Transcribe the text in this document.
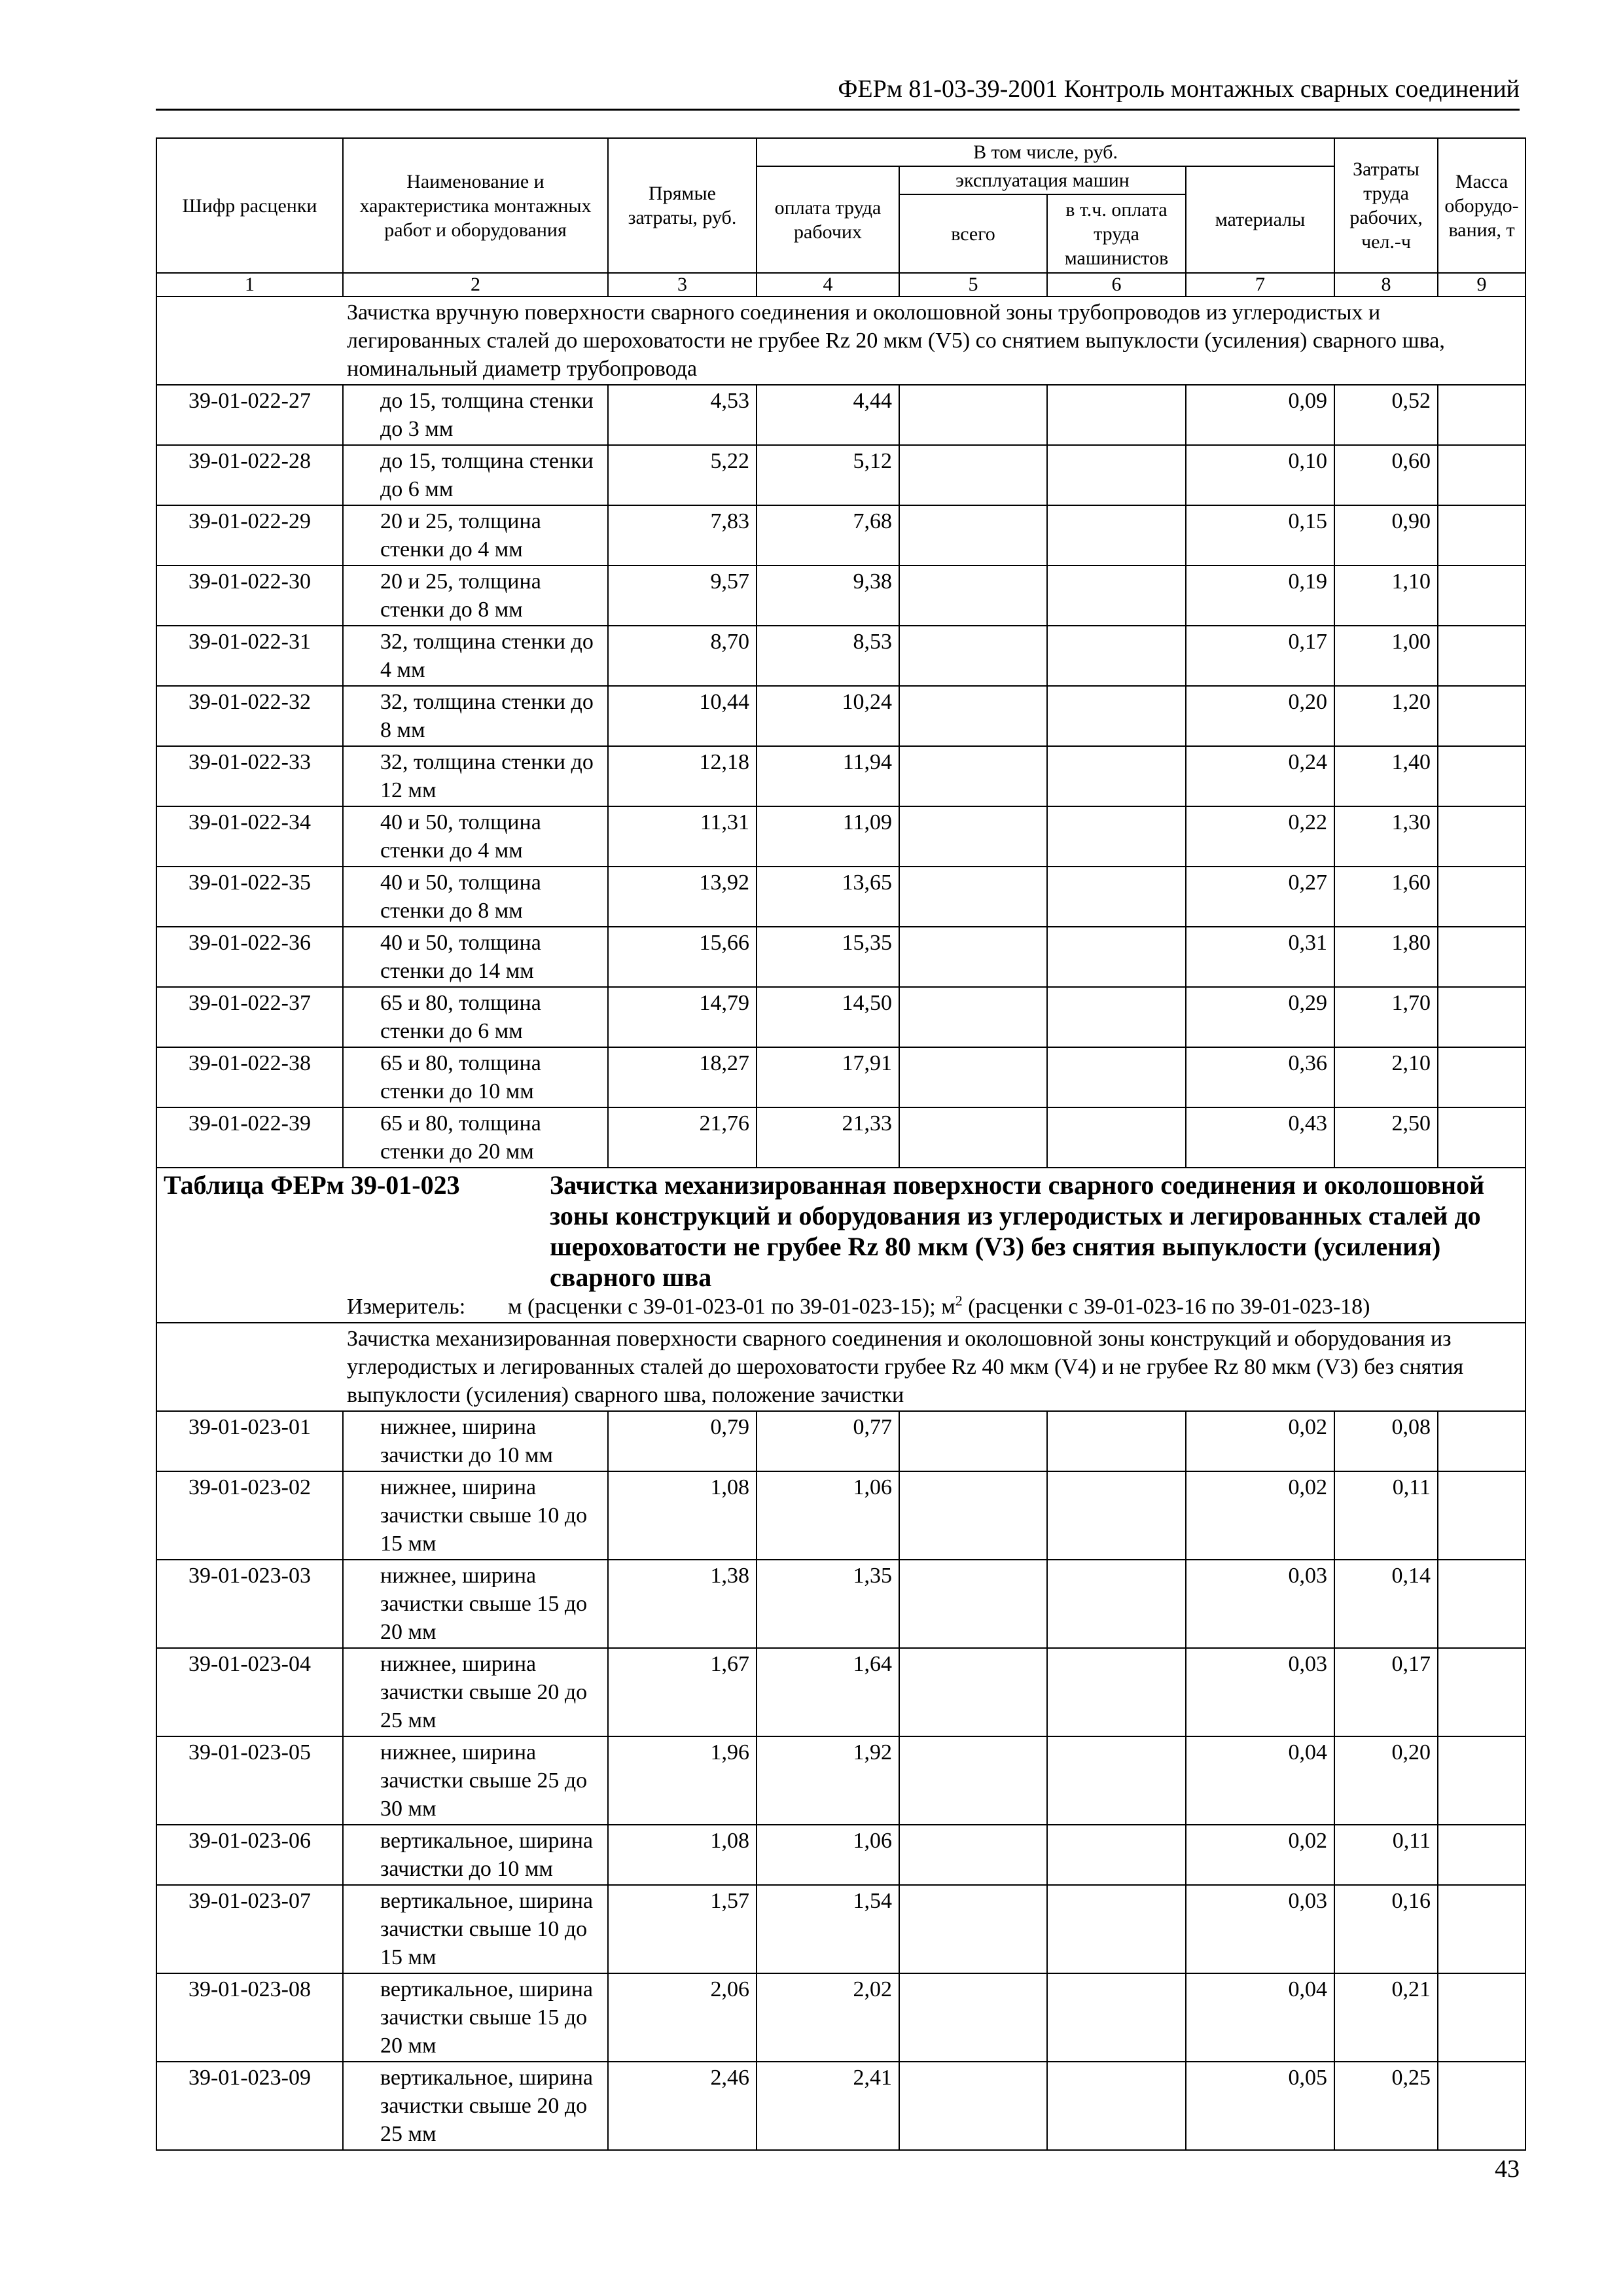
ФЕРм 81-03-39-2001 Контроль монтажных сварных соединений
Шифр расценки	Наименование и характеристика монтажных работ и оборудования	Прямые затраты, руб.	В том числе, руб.				Затраты труда рабочих, чел.-ч	Масса оборудо-вания, т
			оплата труда рабочих	эксплуатация машин		материалы		
				всего	в т.ч. оплата труда машинистов			
1	2	3	4	5	6	7	8	9
Зачистка вручную поверхности сварного соединения и околошовной зоны трубопроводов из углеродистых и легированных сталей до шероховатости не грубее Rz 20 мкм (V5) со снятием выпуклости (усиления) сварного шва, номинальный диаметр трубопровода								
39-01-022-27	до 15, толщина стенки до 3 мм	4,53	4,44			0,09	0,52	
39-01-022-28	до 15, толщина стенки до 6 мм	5,22	5,12			0,10	0,60	
39-01-022-29	20 и 25, толщина стенки до 4 мм	7,83	7,68			0,15	0,90	
39-01-022-30	20 и 25, толщина стенки до 8 мм	9,57	9,38			0,19	1,10	
39-01-022-31	32, толщина стенки до 4 мм	8,70	8,53			0,17	1,00	
39-01-022-32	32, толщина стенки до 8 мм	10,44	10,24			0,20	1,20	
39-01-022-33	32, толщина стенки до 12 мм	12,18	11,94			0,24	1,40	
39-01-022-34	40 и 50, толщина стенки до 4 мм	11,31	11,09			0,22	1,30	
39-01-022-35	40 и 50, толщина стенки до 8 мм	13,92	13,65			0,27	1,60	
39-01-022-36	40 и 50, толщина стенки до 14 мм	15,66	15,35			0,31	1,80	
39-01-022-37	65 и 80, толщина стенки до 6 мм	14,79	14,50			0,29	1,70	
39-01-022-38	65 и 80, толщина стенки до 10 мм	18,27	17,91			0,36	2,10	
39-01-022-39	65 и 80, толщина стенки до 20 мм	21,76	21,33			0,43	2,50	

Таблица ФЕРм 39-01-023 Зачистка механизированная поверхности сварного соединения и околошовной зоны конструкций и оборудования из углеродистых и легированных сталей до шероховатости не грубее Rz 80 мкм (V3) без снятия выпуклости (усиления) сварного шва								

Измеритель: м (расценки с 39-01-023-01 по 39-01-023-15); $м^2$ (расценки с 39-01-023-16 по 39-01-023-18)								

Зачистка механизированная поверхности сварного соединения и околошовной зоны конструкций и оборудования из углеродистых и легированных сталей до шероховатости грубее Rz 40 мкм (V4) и не грубее Rz 80 мкм (V3) без снятия выпуклости (усиления) сварного шва, положение зачистки								
39-01-023-01	нижнее, ширина зачистки до 10 мм	0,79	0,77			0,02	0,08	
39-01-023-02	нижнее, ширина зачистки свыше 10 до 15 мм	1,08	1,06			0,02	0,11	
39-01-023-03	нижнее, ширина зачистки свыше 15 до 20 мм	1,38	1,35			0,03	0,14	
39-01-023-04	нижнее, ширина зачистки свыше 20 до 25 мм	1,67	1,64			0,03	0,17	
39-01-023-05	нижнее, ширина зачистки свыше 25 до 30 мм	1,96	1,92			0,04	0,20	
39-01-023-06	вертикальное, ширина зачистки до 10 мм	1,08	1,06			0,02	0,11	
39-01-023-07	вертикальное, ширина зачистки свыше 10 до 15 мм	1,57	1,54			0,03	0,16	
39-01-023-08	вертикальное, ширина зачистки свыше 15 до 20 мм	2,06	2,02			0,04	0,21	
39-01-023-09	вертикальное, ширина зачистки свыше 20 до 25 мм	2,46	2,41			0,05	0,25	
43
